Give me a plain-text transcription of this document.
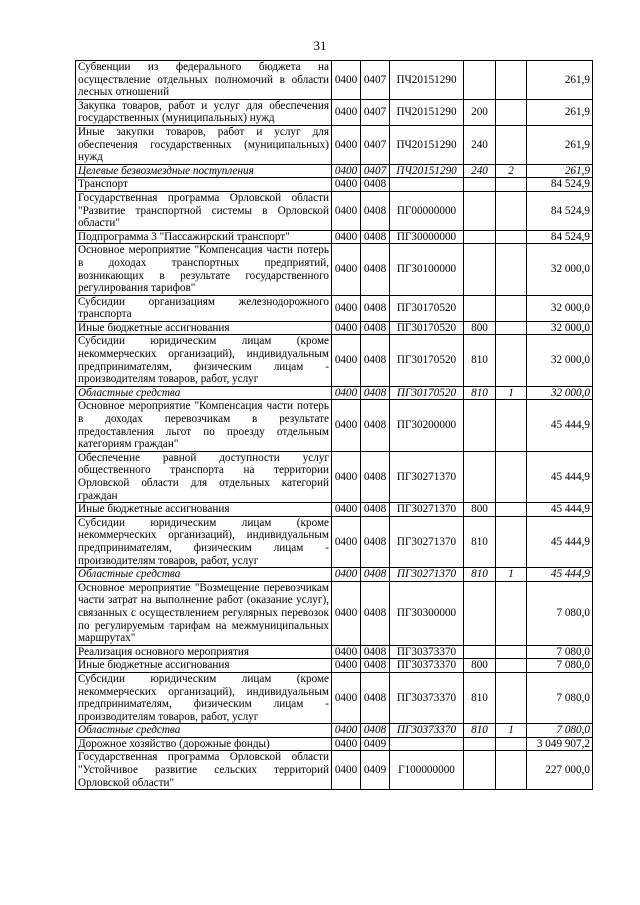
31
Субвенции из федерального бюджета на осуществление отдельных полномочий в области лесных отношений	0400	0407	ПЧ20151290			261,9
Закупка товаров, работ и услуг для обеспечения государственных (муниципальных) нужд	0400	0407	ПЧ20151290	200		261,9
Иные закупки товаров, работ и услуг для обеспечения государственных (муниципальных) нужд	0400	0407	ПЧ20151290	240		261,9
Целевые безвозмездные поступления	0400	0407	ПЧ20151290	240	2	261,9
Транспорт	0400	0408				84 524,9
Государственная программа Орловской области "Развитие транспортной системы в Орловской области"	0400	0408	ПГ00000000			84 524,9
Подпрограмма 3 "Пассажирский транспорт"	0400	0408	ПГ30000000			84 524,9
Основное мероприятие "Компенсация части потерь в доходах транспортных предприятий, возникающих в результате государственного регулирования тарифов"	0400	0408	ПГ30100000			32 000,0
Субсидии организациям железнодорожного транспорта	0400	0408	ПГ30170520			32 000,0
Иные бюджетные ассигнования	0400	0408	ПГ30170520	800		32 000,0
Субсидии юридическим лицам (кроме некоммерческих организаций), индивидуальным предпринимателям, физическим лицам - производителям товаров, работ, услуг	0400	0408	ПГ30170520	810		32 000,0
Областные средства	0400	0408	ПГ30170520	810	1	32 000,0
Основное мероприятие "Компенсация части потерь в доходах перевозчикам в результате предоставления льгот по проезду отдельным категориям граждан"	0400	0408	ПГ30200000			45 444,9
Обеспечение равной доступности услуг общественного транспорта на территории Орловской области для отдельных категорий граждан	0400	0408	ПГ30271370			45 444,9
Иные бюджетные ассигнования	0400	0408	ПГ30271370	800		45 444,9
Субсидии юридическим лицам (кроме некоммерческих организаций), индивидуальным предпринимателям, физическим лицам - производителям товаров, работ, услуг	0400	0408	ПГ30271370	810		45 444,9
Областные средства	0400	0408	ПГ30271370	810	1	45 444,9
Основное мероприятие "Возмещение перевозчикам части затрат на выполнение работ (оказание услуг), связанных с осуществлением регулярных перевозок по регулируемым тарифам на межмуниципальных маршрутах"	0400	0408	ПГ30300000			7 080,0
Реализация основного мероприятия	0400	0408	ПГ30373370			7 080,0
Иные бюджетные ассигнования	0400	0408	ПГ30373370	800		7 080,0
Субсидии юридическим лицам (кроме некоммерческих организаций), индивидуальным предпринимателям, физическим лицам - производителям товаров, работ, услуг	0400	0408	ПГ30373370	810		7 080,0
Областные средства	0400	0408	ПГ30373370	810	1	7 080,0
Дорожное хозяйство (дорожные фонды)	0400	0409				3 049 907,2
Государственная программа Орловской области "Устойчивое развитие сельских территорий Орловской области"	0400	0409	Г100000000			227 000,0
